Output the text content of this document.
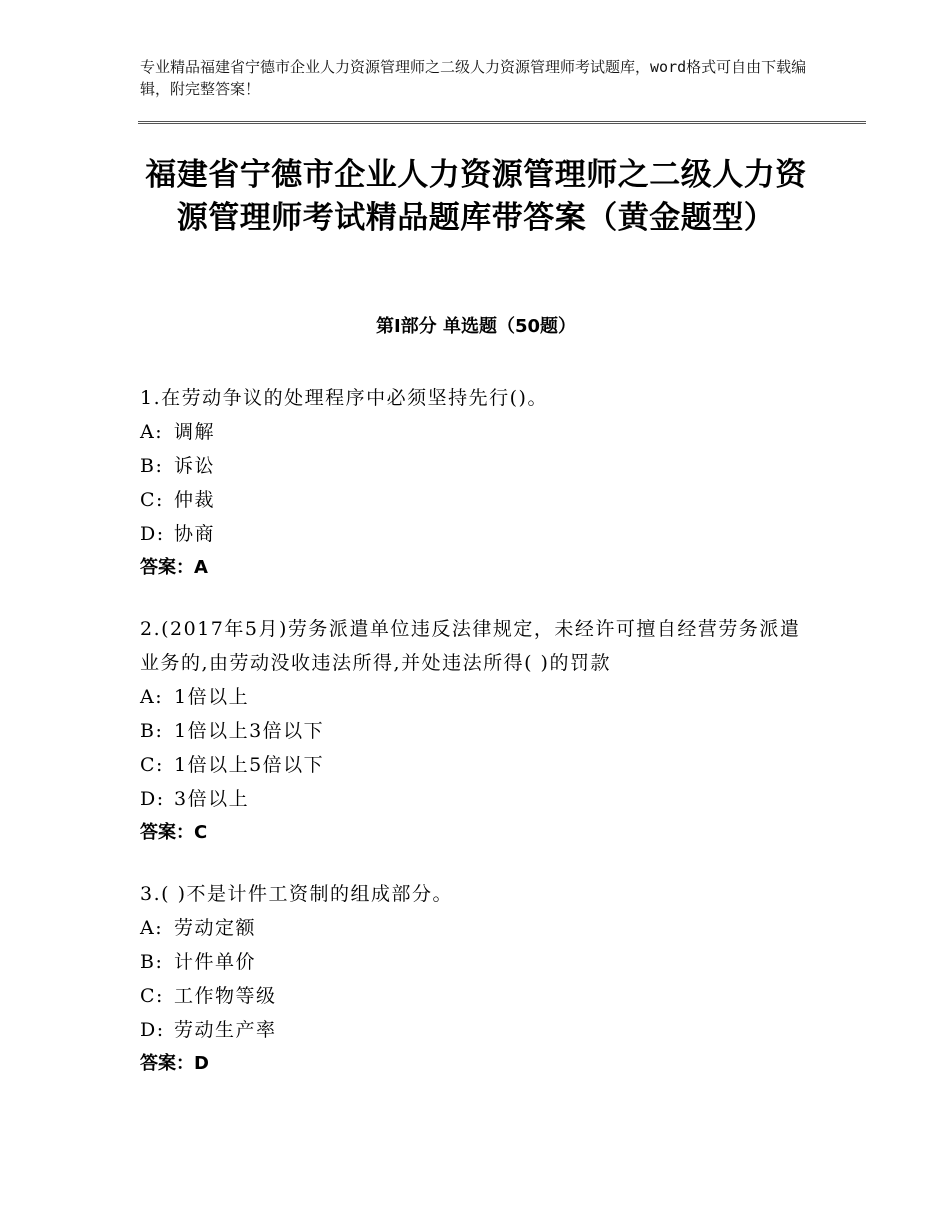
专业精品福建省宁德市企业人力资源管理师之二级人力资源管理师考试题库，word格式可自由下载编辑，附完整答案！
福建省宁德市企业人力资源管理师之二级人力资源管理师考试精品题库带答案（黄金题型）
第Ⅰ部分 单选题（50题）
1.在劳动争议的处理程序中必须坚持先行()。
A: 调解
B: 诉讼
C: 仲裁
D: 协商
答案：A
2.(2017年5月)劳务派遣单位违反法律规定，未经许可擅自经营劳务派遣业务的,由劳动没收违法所得,并处违法所得( )的罚款
A: 1倍以上
B: 1倍以上3倍以下
C: 1倍以上5倍以下
D: 3倍以上
答案：C
3.( )不是计件工资制的组成部分。
A: 劳动定额
B: 计件单价
C: 工作物等级
D: 劳动生产率
答案：D
